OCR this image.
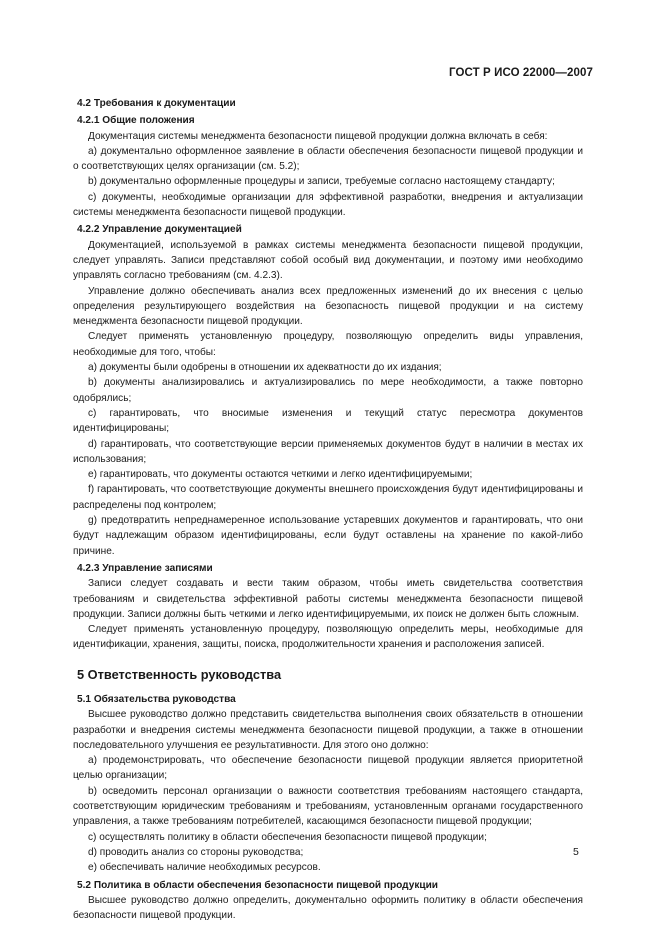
ГОСТ Р ИСО 22000—2007
4.2 Требования к документации
4.2.1 Общие положения

Документация системы менеджмента безопасности пищевой продукции должна включать в себя:

a) документально оформленное заявление в области обеспечения безопасности пищевой продукции и о соответствующих целях организации (см. 5.2);

b) документально оформленные процедуры и записи, требуемые согласно настоящему стандарту;

c) документы, необходимые организации для эффективной разработки, внедрения и актуализации системы менеджмента безопасности пищевой продукции.

4.2.2 Управление документацией

Документацией, используемой в рамках системы менеджмента безопасности пищевой продукции, следует управлять. Записи представляют собой особый вид документации, и поэтому ими необходимо управлять согласно требованиям (см. 4.2.3).

Управление должно обеспечивать анализ всех предложенных изменений до их внесения с целью определения результирующего воздействия на безопасность пищевой продукции и на систему менеджмента безопасности пищевой продукции.

Следует применять установленную процедуру, позволяющую определить виды управления, необходимые для того, чтобы:

a) документы были одобрены в отношении их адекватности до их издания;

b) документы анализировались и актуализировались по мере необходимости, а также повторно одобрялись;

c) гарантировать, что вносимые изменения и текущий статус пересмотра документов идентифицированы;

d) гарантировать, что соответствующие версии применяемых документов будут в наличии в местах их использования;

e) гарантировать, что документы остаются четкими и легко идентифицируемыми;

f) гарантировать, что соответствующие документы внешнего происхождения будут идентифицированы и распределены под контролем;

g) предотвратить непреднамеренное использование устаревших документов и гарантировать, что они будут надлежащим образом идентифицированы, если будут оставлены на хранение по какой-либо причине.

4.2.3 Управление записями

Записи следует создавать и вести таким образом, чтобы иметь свидетельства соответствия требованиям и свидетельства эффективной работы системы менеджмента безопасности пищевой продукции. Записи должны быть четкими и легко идентифицируемыми, их поиск не должен быть сложным.

Следует применять установленную процедуру, позволяющую определить меры, необходимые для идентификации, хранения, защиты, поиска, продолжительности хранения и расположения записей.

5 Ответственность руководства
5.1 Обязательства руководства

Высшее руководство должно представить свидетельства выполнения своих обязательств в отношении разработки и внедрения системы менеджмента безопасности пищевой продукции, а также в отношении последовательного улучшения ее результативности. Для этого оно должно:

a) продемонстрировать, что обеспечение безопасности пищевой продукции является приоритетной целью организации;

b) осведомить персонал организации о важности соответствия требованиям настоящего стандарта, соответствующим юридическим требованиям и требованиям, установленным органами государственного управления, а также требованиям потребителей, касающимся безопасности пищевой продукции;

c) осуществлять политику в области обеспечения безопасности пищевой продукции;

d) проводить анализ со стороны руководства;

e) обеспечивать наличие необходимых ресурсов.

5.2 Политика в области обеспечения безопасности пищевой продукции

Высшее руководство должно определить, документально оформить политику в области обеспечения безопасности пищевой продукции.

5
